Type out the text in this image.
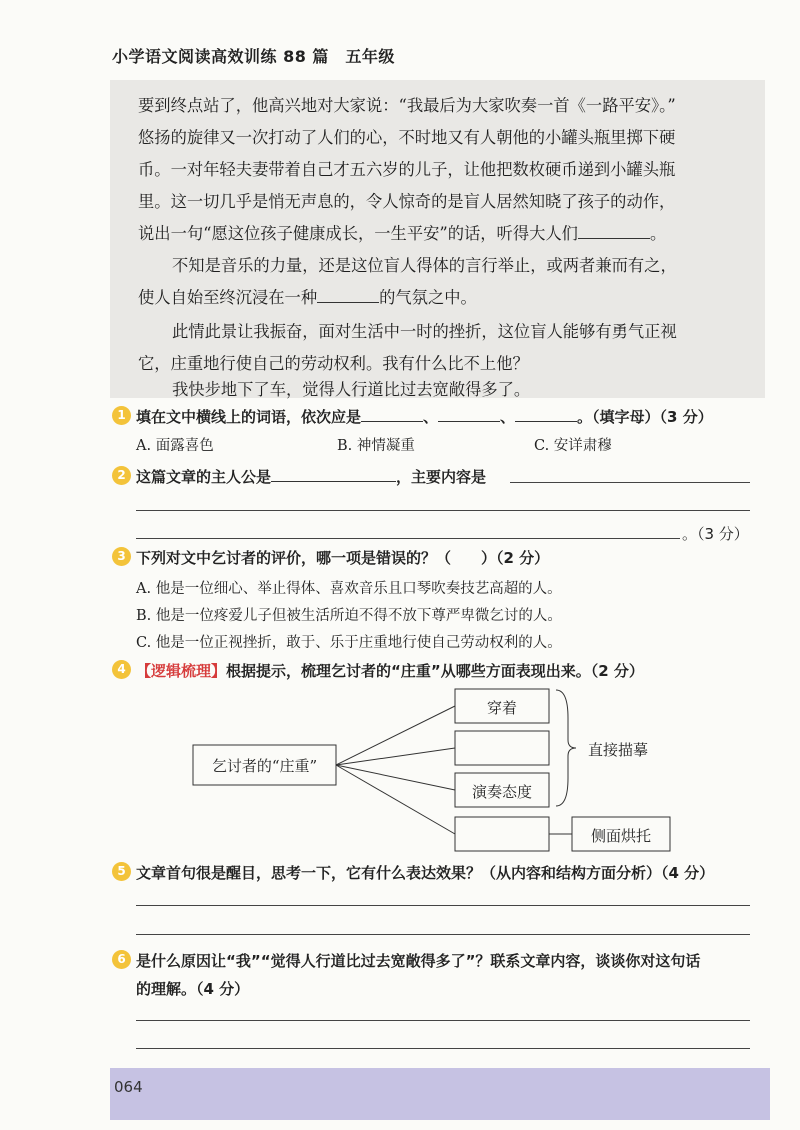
小学语文阅读高效训练 88 篇　五年级
要到终点站了，他高兴地对大家说：“我最后为大家吹奏一首《一路平安》。”
悠扬的旋律又一次打动了人们的心，不时地又有人朝他的小罐头瓶里掷下硬
币。一对年轻夫妻带着自己才五六岁的儿子，让他把数枚硬币递到小罐头瓶
里。这一切几乎是悄无声息的，令人惊奇的是盲人居然知晓了孩子的动作，
说出一句“愿这位孩子健康成长，一生平安”的话，听得大人们	。
不知是音乐的力量，还是这位盲人得体的言行举止，或两者兼而有之，
使人自始至终沉浸在一种	的气氛之中。
此情此景让我振奋，面对生活中一时的挫折，这位盲人能够有勇气正视
它，庄重地行使自己的劳动权利。我有什么比不上他？
我快步地下了车，觉得人行道比过去宽敞得多了。
1 填在文中横线上的词语，依次应是	、	、	。（填字母）（3 分）
A. 面露喜色	B. 神情凝重	C. 安详肃穆
2 这篇文章的主人公是	，主要内容是
。（3 分）
3 下列对文中乞讨者的评价，哪一项是错误的？（　　）（2 分）
A. 他是一位细心、举止得体、喜欢音乐且口琴吹奏技艺高超的人。
B. 他是一位疼爱儿子但被生活所迫不得不放下尊严卑微乞讨的人。
C. 他是一位正视挫折，敢于、乐于庄重地行使自己劳动权利的人。
4 【逻辑梳理】根据提示，梳理乞讨者的“庄重”从哪些方面表现出来。（2 分）
乞讨者的“庄重”
穿着
演奏态度
直接描摹
侧面烘托
5 文章首句很是醒目，思考一下，它有什么表达效果？（从内容和结构方面分析）（4 分）
6 是什么原因让“我”“觉得人行道比过去宽敞得多了”？联系文章内容，谈谈你对这句话
的理解。（4 分）
064
